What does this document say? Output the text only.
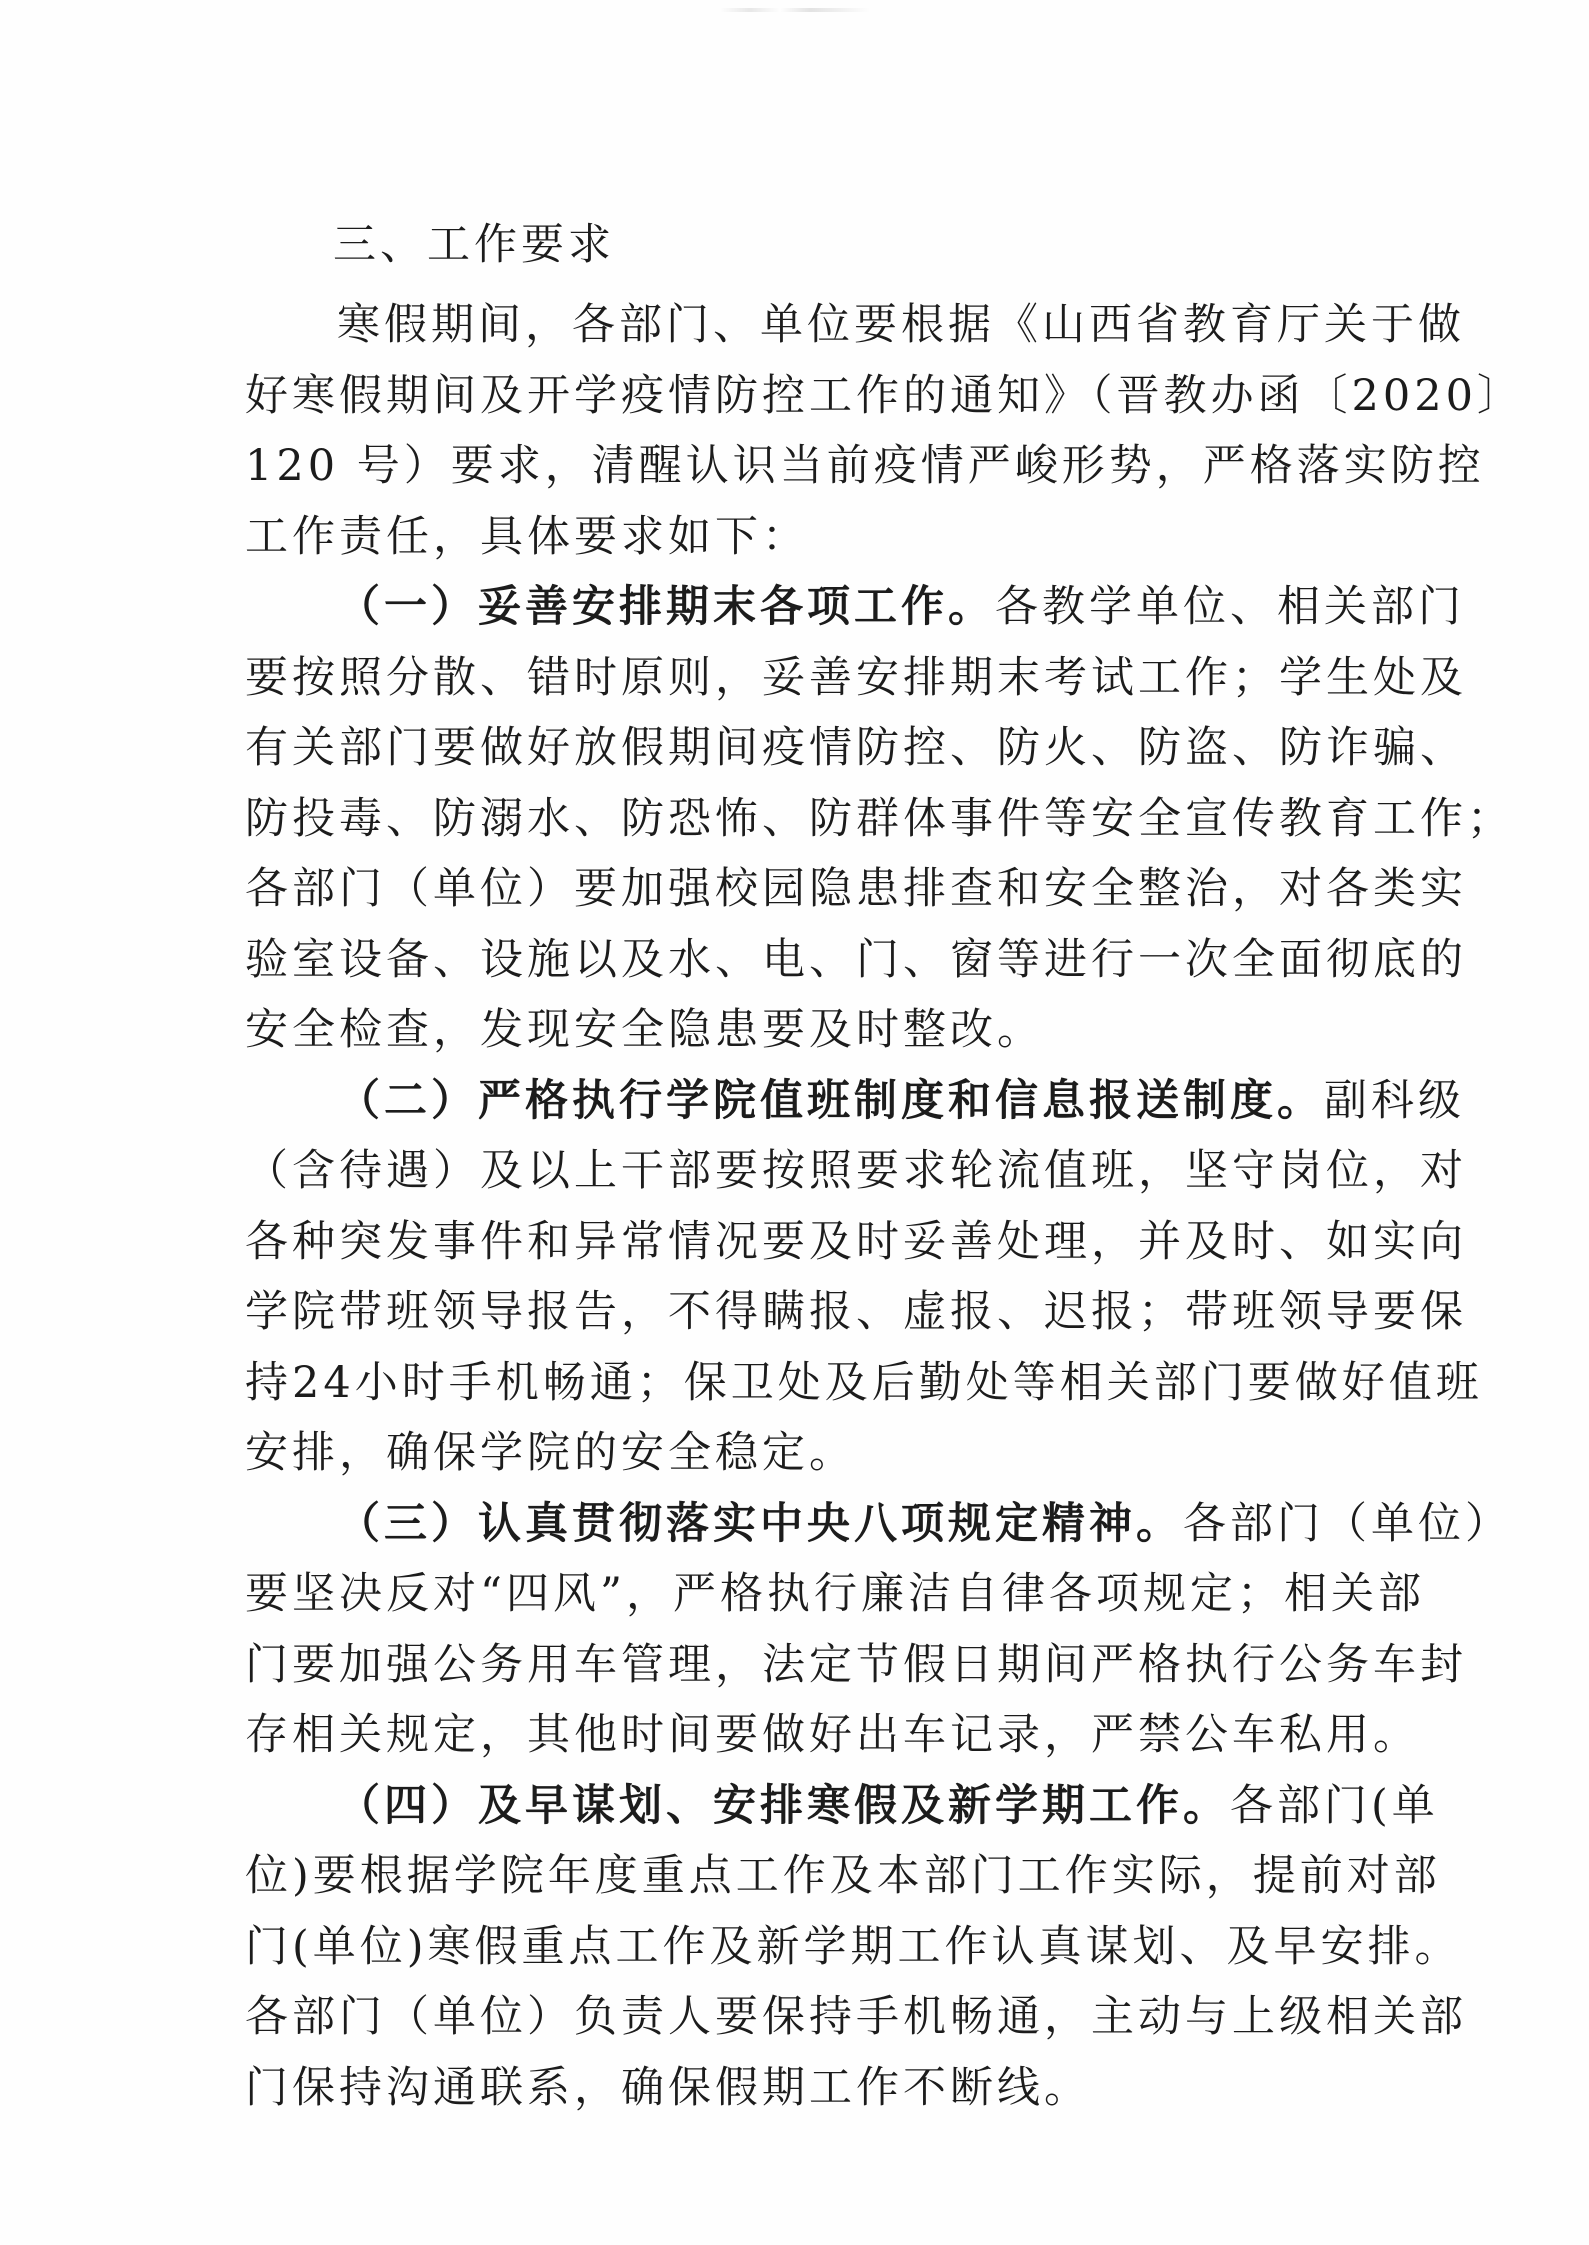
三、工作要求
寒假期间，各部门、单位要根据《山西省教育厅关于做
好寒假期间及开学疫情防控工作的通知》（晋教办函〔2020〕
120 号）要求，清醒认识当前疫情严峻形势，严格落实防控
工作责任，具体要求如下：
（一）妥善安排期末各项工作。各教学单位、相关部门
要按照分散、错时原则，妥善安排期末考试工作；学生处及
有关部门要做好放假期间疫情防控、防火、防盗、防诈骗、
防投毒、防溺水、防恐怖、防群体事件等安全宣传教育工作；
各部门（单位）要加强校园隐患排查和安全整治，对各类实
验室设备、设施以及水、电、门、窗等进行一次全面彻底的
安全检查，发现安全隐患要及时整改。
（二）严格执行学院值班制度和信息报送制度。副科级
（含待遇）及以上干部要按照要求轮流值班，坚守岗位，对
各种突发事件和异常情况要及时妥善处理，并及时、如实向
学院带班领导报告，不得瞒报、虚报、迟报；带班领导要保
持24小时手机畅通；保卫处及后勤处等相关部门要做好值班
安排，确保学院的安全稳定。
（三）认真贯彻落实中央八项规定精神。各部门（单位）
要坚决反对“四风”，严格执行廉洁自律各项规定；相关部
门要加强公务用车管理，法定节假日期间严格执行公务车封
存相关规定，其他时间要做好出车记录，严禁公车私用。
（四）及早谋划、安排寒假及新学期工作。各部门(单
位)要根据学院年度重点工作及本部门工作实际，提前对部
门(单位)寒假重点工作及新学期工作认真谋划、及早安排。
各部门（单位）负责人要保持手机畅通，主动与上级相关部
门保持沟通联系，确保假期工作不断线。
